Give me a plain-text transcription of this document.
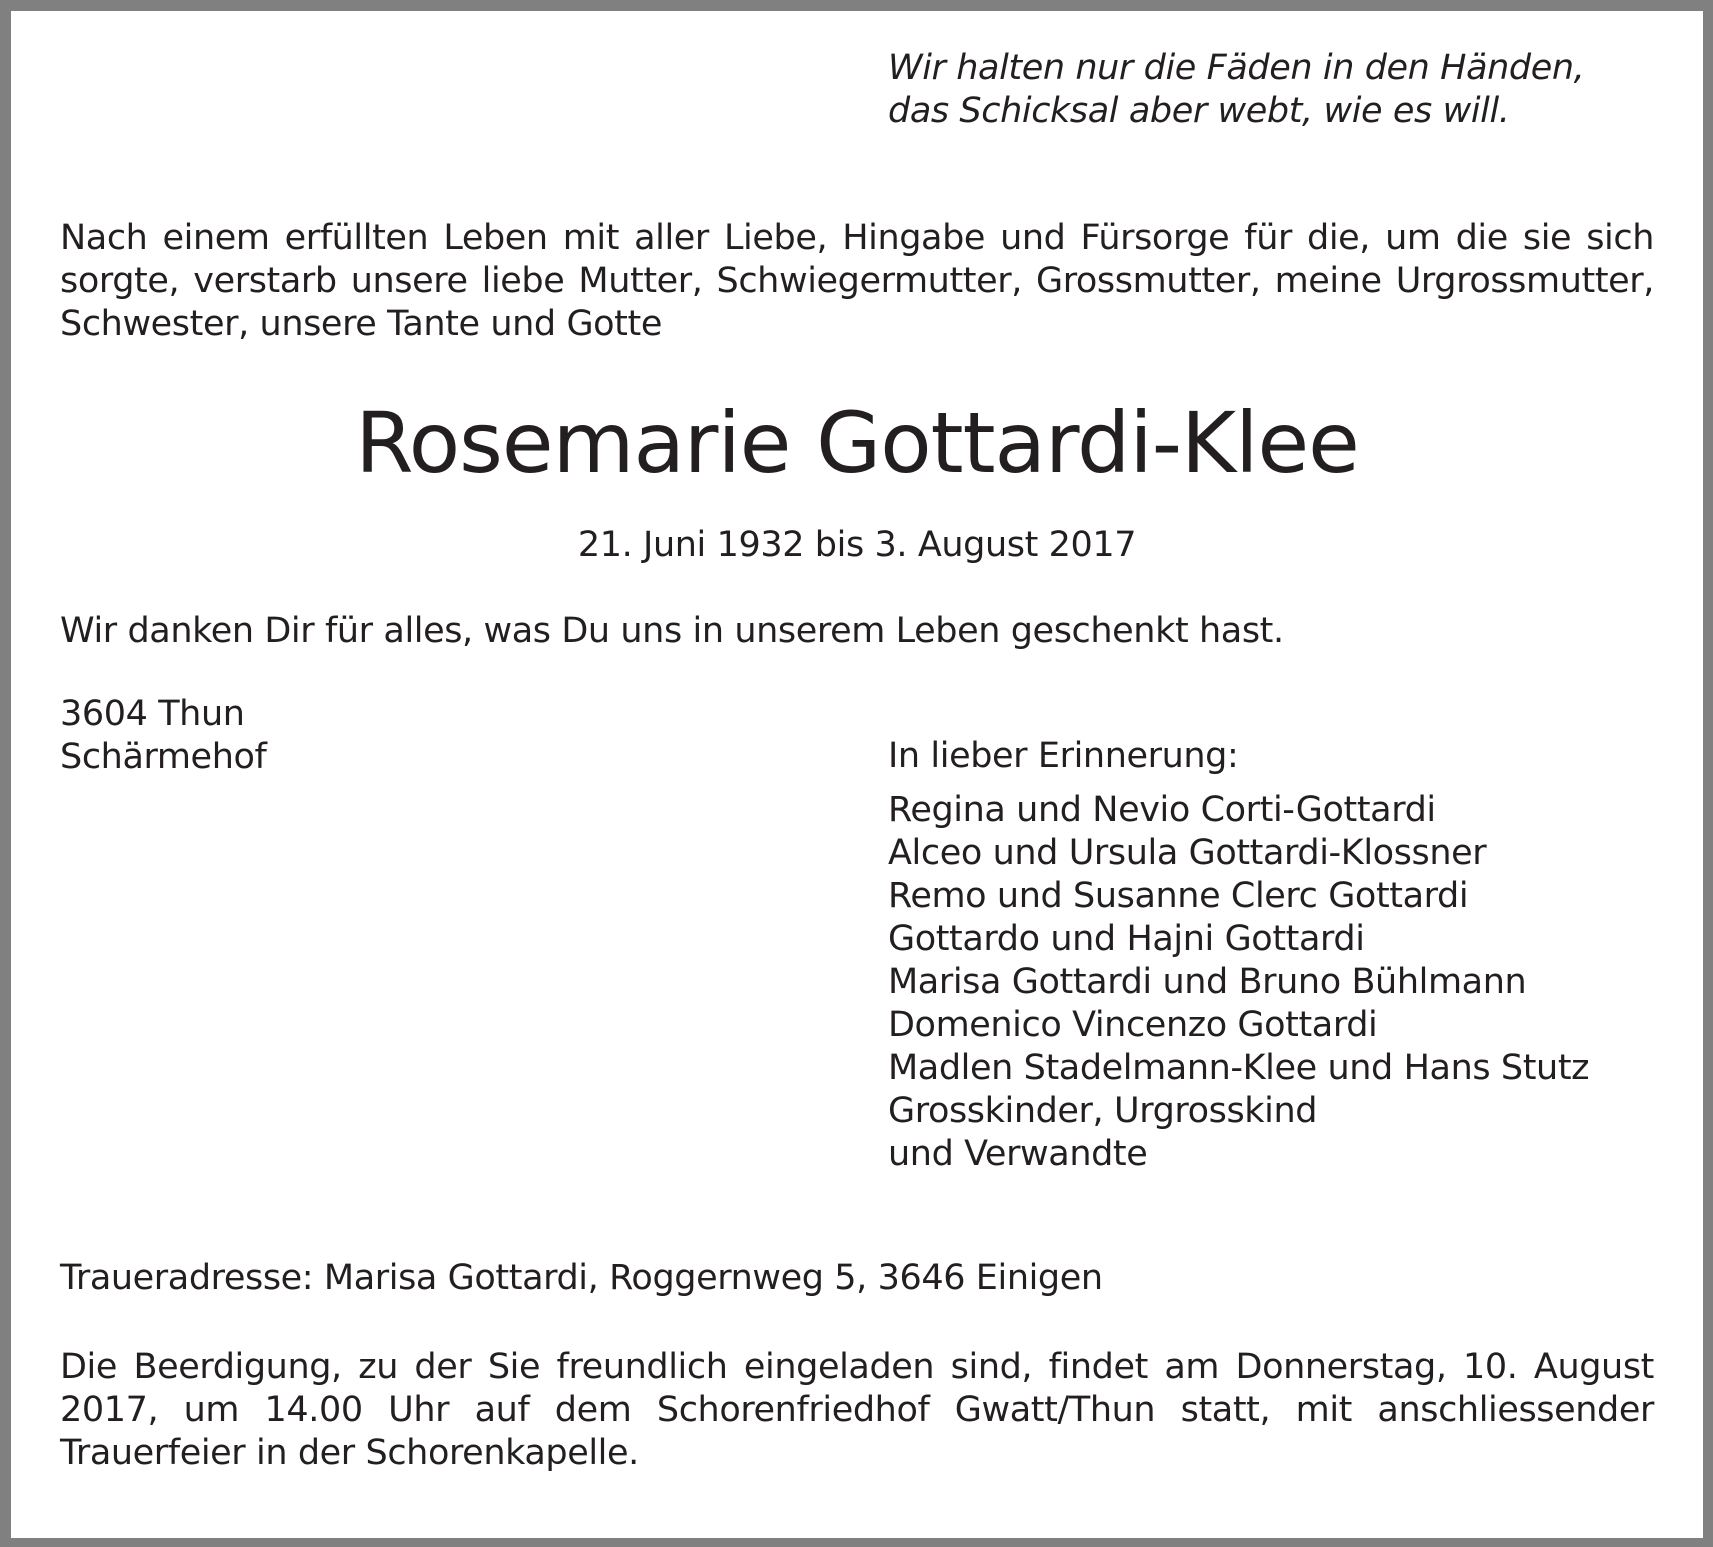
Wir halten nur die Fäden in den Händen,
das Schicksal aber webt, wie es will.
Nach einem erfüllten Leben mit aller Liebe, Hingabe und Fürsorge für die, um die sie sich sorgte, verstarb unsere liebe Mutter, Schwiegermutter, Grossmutter, meine Urgrossmutter, Schwester, unsere Tante und Gotte
Rosemarie Gottardi-Klee
21. Juni 1932 bis 3. August 2017
Wir danken Dir für alles, was Du uns in unserem Leben geschenkt hast.
3604 Thun
Schärmehof	In lieber Erinnerung:
Regina und Nevio Corti-Gottardi
Alceo und Ursula Gottardi-Klossner
Remo und Susanne Clerc Gottardi
Gottardo und Hajni Gottardi
Marisa Gottardi und Bruno Bühlmann
Domenico Vincenzo Gottardi
Madlen Stadelmann-Klee und Hans Stutz
Grosskinder, Urgrosskind
und Verwandte
Traueradresse: Marisa Gottardi, Roggernweg 5, 3646 Einigen
Die Beerdigung, zu der Sie freundlich eingeladen sind, findet am Donnerstag, 10. August 2017, um 14.00 Uhr auf dem Schorenfriedhof Gwatt/Thun statt, mit anschliessender Trauerfeier in der Schorenkapelle.
